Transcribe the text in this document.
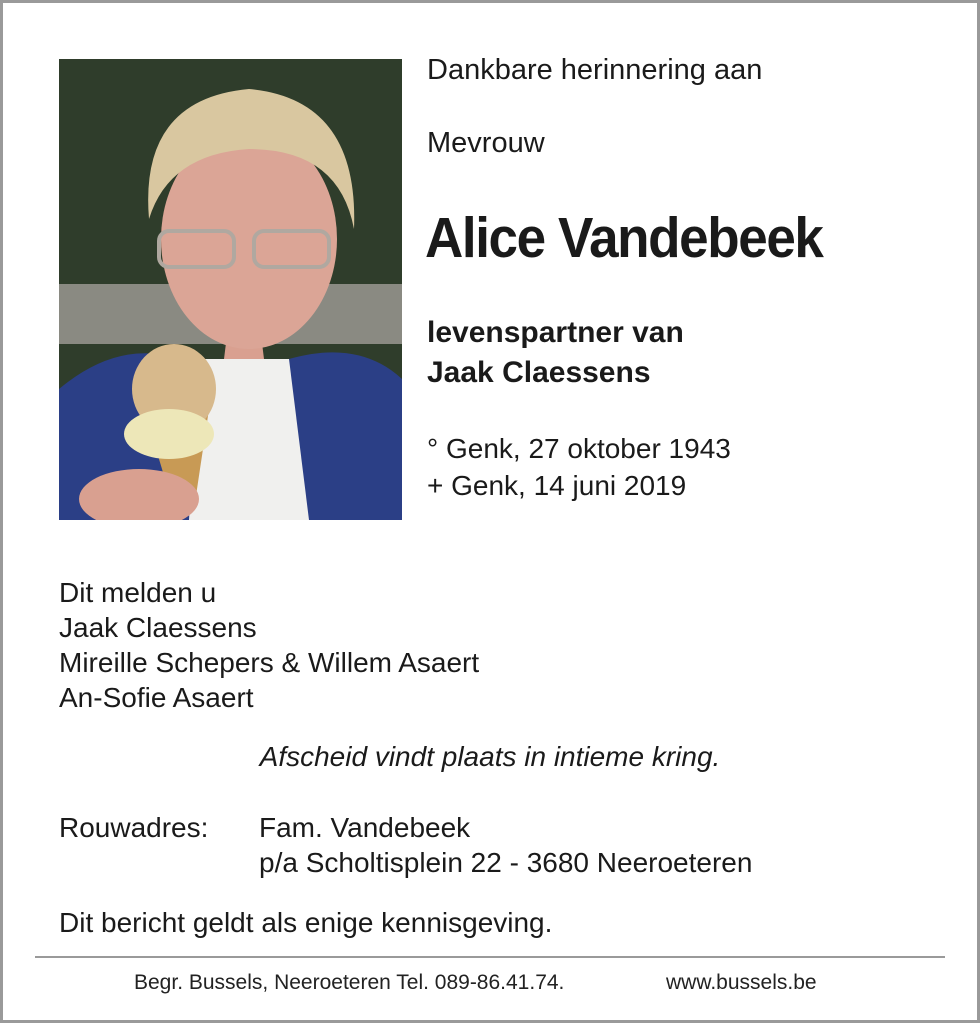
Dankbare herinnering aan
Mevrouw
Alice Vandebeek
levenspartner van
Jaak Claessens
° Genk, 27 oktober 1943
+ Genk, 14 juni 2019
Dit melden u
Jaak Claessens
Mireille Schepers & Willem Asaert
An-Sofie Asaert
Afscheid vindt plaats in intieme kring.
Rouwadres: Fam. Vandebeek
p/a Scholtisplein 22 - 3680 Neeroeteren
Dit bericht geldt als enige kennisgeving.
Begr. Bussels, Neeroeteren Tel. 089-86.41.74.	www.bussels.be
